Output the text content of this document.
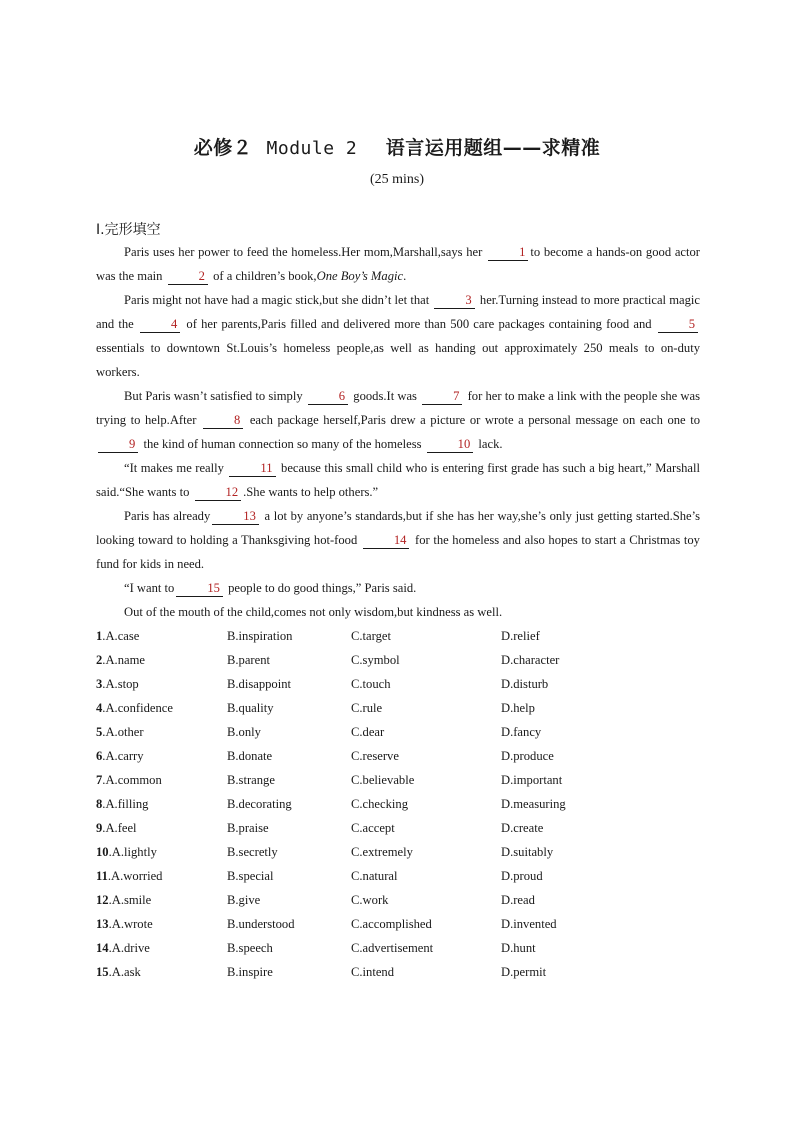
必修２ Module 2 语言运用题组——求精准
(25 mins)
Ⅰ.完形填空

Paris uses her power to feed the homeless.Her mom,Marshall,says her	1 to become a hands-on good actor was the main	2 of a children’s book,One Boy’s Magic.

Paris might not have had a magic stick,but she didn’t let that	3 her.Turning instead to more practical magic and the	4 of her parents,Paris filled and delivered more than 500 care packages containing food and	5 essentials to downtown St.Louis’s homeless people,as well as handing out approximately 250 meals to on-duty workers.

But Paris wasn’t satisfied to simply	6 goods.It was	7 for her to make a link with the people she was trying to help.After	8 each package herself,Paris drew a picture or wrote a personal message on each one to 9 the kind of human connection so many of the homeless	10 lack.

“It makes me really	11 because this small child who is entering first grade has such a big heart,” Marshall said.“She wants to	12 .She wants to help others.”

Paris has already	13 a lot by anyone’s standards,but if she has her way,she’s only just getting started.She’s looking toward to holding a Thanksgiving hot-food	14 for the homeless and also hopes to start a Christmas toy fund for kids in need.

“I want to	15 people to do good things,” Paris said.

Out of the mouth of the child,comes not only wisdom,but kindness as well.

1.A.case	B.inspiration	C.target	D.relief
2.A.name	B.parent	C.symbol	D.character
3.A.stop	B.disappoint	C.touch	D.disturb
4.A.confidence	B.quality	C.rule	D.help
5.A.other	B.only	C.dear	D.fancy
6.A.carry	B.donate	C.reserve	D.produce
7.A.common	B.strange	C.believable	D.important
8.A.filling	B.decorating	C.checking	D.measuring
9.A.feel	B.praise	C.accept	D.create
10.A.lightly	B.secretly	C.extremely	D.suitably
11.A.worried	B.special	C.natural	D.proud
12.A.smile	B.give	C.work	D.read
13.A.wrote	B.understood	C.accomplished	D.invented
14.A.drive	B.speech	C.advertisement	D.hunt
15.A.ask	B.inspire	C.intend	D.permit
